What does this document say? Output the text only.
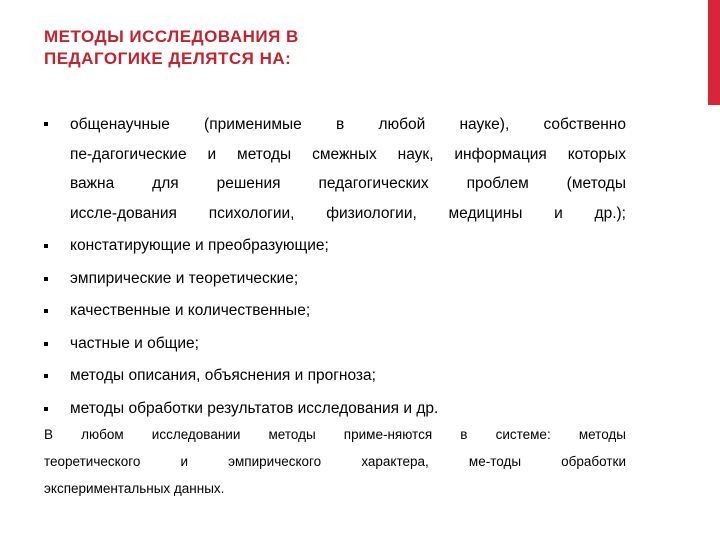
МЕТОДЫ ИССЛЕДОВАНИЯ В
ПЕДАГОГИКЕ ДЕЛЯТСЯ НА:
общенаучные (применимые в любой науке), собственно
пе-дагогические и методы смежных наук, информация которых
важна для решения педагогических проблем (методы
иссле-дования психологии, физиологии, медицины и др.);
констатирующие и преобразующие;
эмпирические и теоретические;
качественные и количественные;
частные и общие;
методы описания, объяснения и прогноза;
методы обработки результатов исследования и др.
В любом исследовании методы приме-няются в системе: методы
теоретического и эмпирического характера, ме-тоды обработки
экспериментальных данных.
